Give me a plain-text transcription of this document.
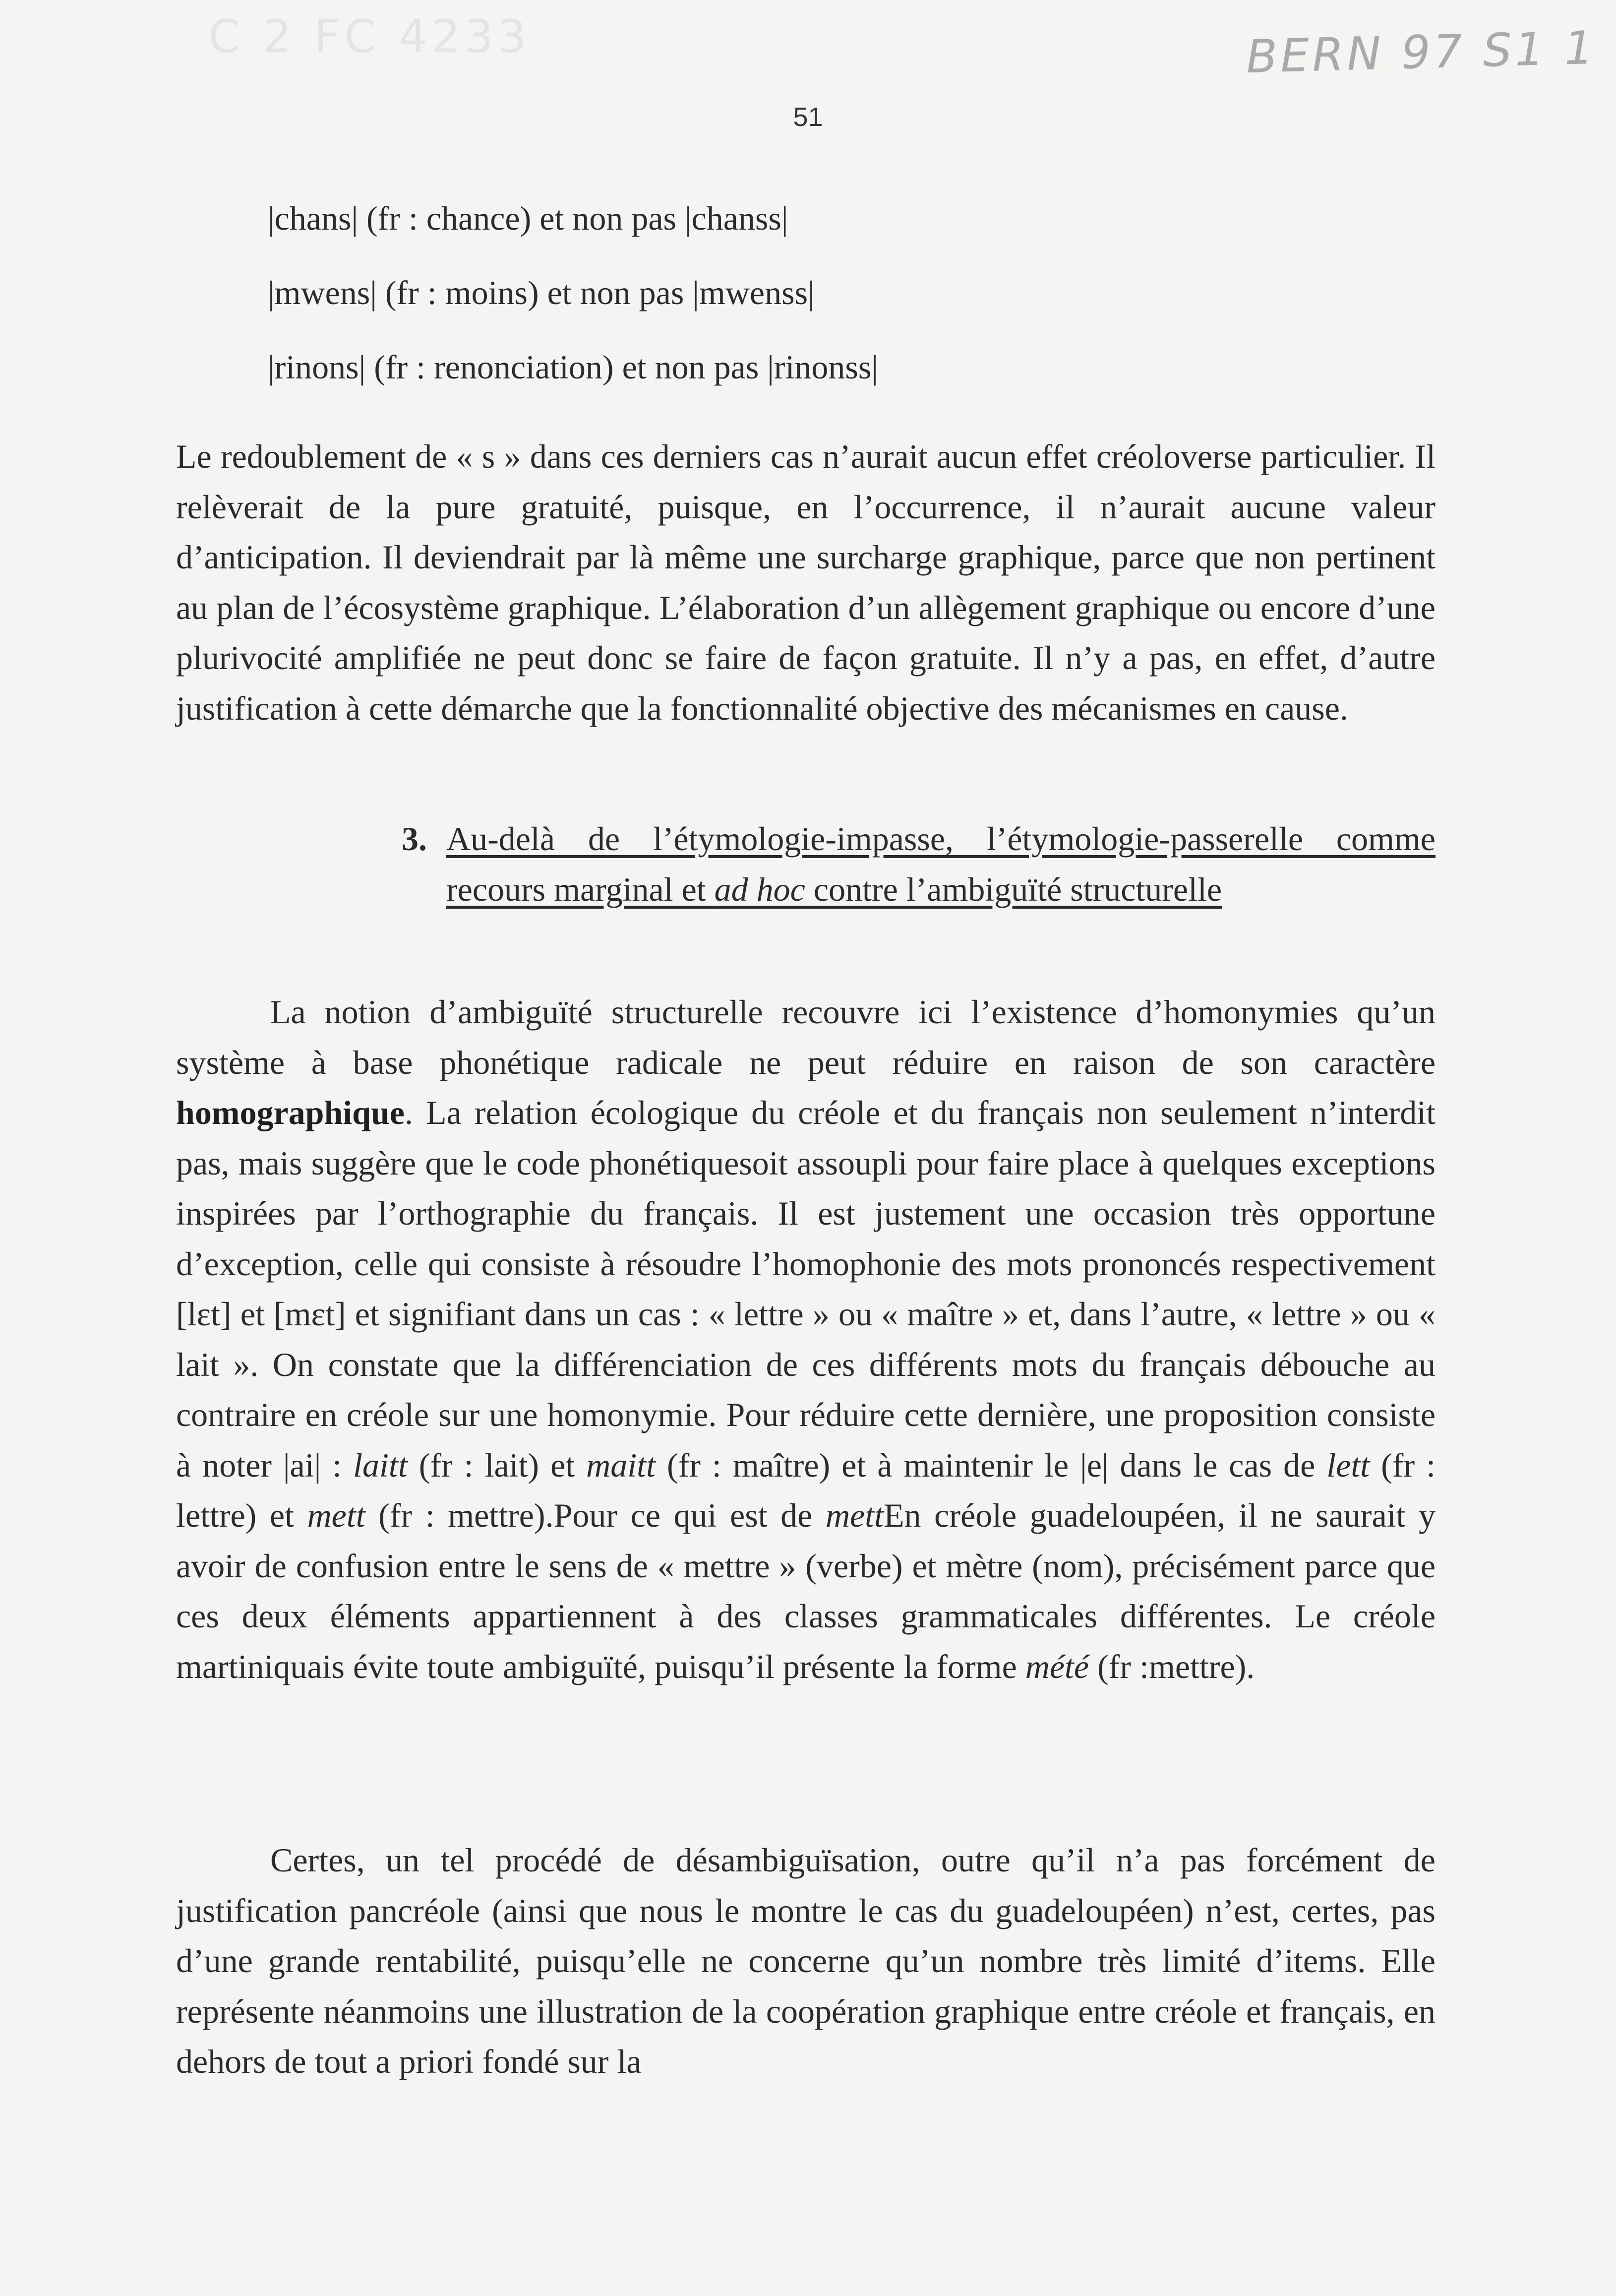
C 2 FC 4233	BERN 97 S1 1
51
|chans| (fr : chance) et non pas |chanss|
|mwens| (fr : moins) et non pas |mwenss|
|rinons| (fr : renonciation) et non pas |rinonss|

Le redoublement de « s » dans ces derniers cas n’aurait aucun effet créoloverse particulier. Il relèverait de la pure gratuité, puisque, en l’occurrence, il n’aurait aucune valeur d’anticipation. Il deviendrait par là même une surcharge graphique, parce que non pertinent au plan de l’écosystème graphique. L’élaboration d’un allègement graphique ou encore d’une plurivocité amplifiée ne peut donc se faire de façon gratuite. Il n’y a pas, en effet, d’autre justification à cette démarche que la fonctionnalité objective des mécanismes en cause.

3. Au-delà de l’étymologie-impasse, l’étymologie-passerelle comme recours marginal et ad hoc contre l’ambiguïté structurelle

La notion d’ambiguïté structurelle recouvre ici l’existence d’homonymies qu’un système à base phonétique radicale ne peut réduire en raison de son caractère homographique. La relation écologique du créole et du français non seulement n’interdit pas, mais suggère que le code phonétiquesoit assoupli pour faire place à quelques exceptions inspirées par l’orthographie du français. Il est justement une occasion très opportune d’exception, celle qui consiste à résoudre l’homophonie des mots prononcés respectivement [lɛt] et [mɛt] et signifiant dans un cas : « lettre » ou « maître » et, dans l’autre, « lettre » ou « lait ». On constate que la différenciation de ces différents mots du français débouche au contraire en créole sur une homonymie. Pour réduire cette dernière, une proposition consiste à noter |ai| : laitt (fr : lait) et maitt (fr : maître) et à maintenir le |e| dans le cas de lett (fr : lettre) et mett (fr : mettre).Pour ce qui est de mettEn créole guadeloupéen, il ne saurait y avoir de confusion entre le sens de « mettre » (verbe) et mètre (nom), précisément parce que ces deux éléments appartiennent à des classes grammaticales différentes. Le créole martiniquais évite toute ambiguïté, puisqu’il présente la forme mété (fr :mettre).

Certes, un tel procédé de désambiguïsation, outre qu’il n’a pas forcément de justification pancréole (ainsi que nous le montre le cas du guadeloupéen) n’est, certes, pas d’une grande rentabilité, puisqu’elle ne concerne qu’un nombre très limité d’items. Elle représente néanmoins une illustration de la coopération graphique entre créole et français, en dehors de tout a priori fondé sur la
